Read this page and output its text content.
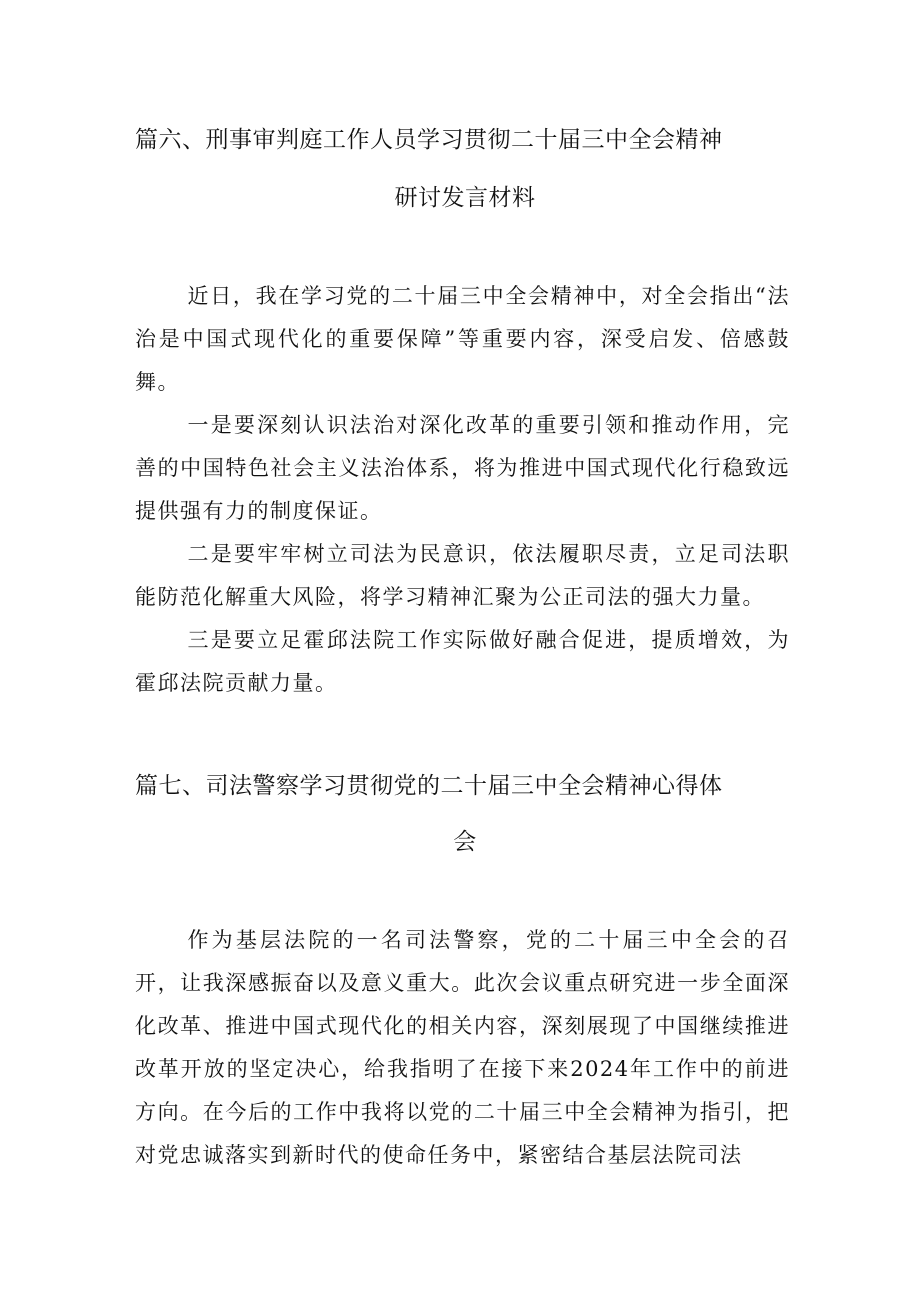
篇六、刑事审判庭工作人员学习贯彻二十届三中全会精神
研讨发言材料

近日，我在学习党的二十届三中全会精神中，对全会指出“法治是中国式现代化的重要保障”等重要内容，深受启发、倍感鼓舞。

一是要深刻认识法治对深化改革的重要引领和推动作用，完善的中国特色社会主义法治体系，将为推进中国式现代化行稳致远提供强有力的制度保证。

二是要牢牢树立司法为民意识，依法履职尽责，立足司法职能防范化解重大风险，将学习精神汇聚为公正司法的强大力量。

三是要立足霍邱法院工作实际做好融合促进，提质增效，为霍邱法院贡献力量。

篇七、司法警察学习贯彻党的二十届三中全会精神心得体
会

作为基层法院的一名司法警察，党的二十届三中全会的召开，让我深感振奋以及意义重大。此次会议重点研究进一步全面深化改革、推进中国式现代化的相关内容，深刻展现了中国继续推进改革开放的坚定决心，给我指明了在接下来2024年工作中的前进方向。在今后的工作中我将以党的二十届三中全会精神为指引，把对党忠诚落实到新时代的使命任务中，紧密结合基层法院司法
